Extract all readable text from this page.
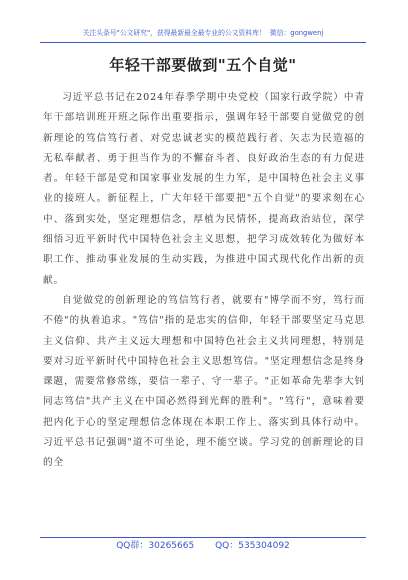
关注头条号"公文研究"，获得最新最全最专业的公文资料库！ 微信：gongwenj
年轻干部要做到"五个自觉"

习近平总书记在2024年春季学期中央党校（国家行政学院）中青年干部培训班开班之际作出重要指示，强调年轻干部要自觉做党的创新理论的笃信笃行者、对党忠诚老实的模范践行者、矢志为民造福的无私奉献者、勇于担当作为的不懈奋斗者、良好政治生态的有力促进者。年轻干部是党和国家事业发展的生力军，是中国特色社会主义事业的接班人。新征程上，广大年轻干部要把"五个自觉"的要求刻在心中、落到实处，坚定理想信念，厚植为民情怀，提高政治站位，深学细悟习近平新时代中国特色社会主义思想，把学习成效转化为做好本职工作、推动事业发展的生动实践，为推进中国式现代化作出新的贡献。

自觉做党的创新理论的笃信笃行者，就要有"博学而不穷，笃行而不倦"的执着追求。"笃信"指的是忠实的信仰，年轻干部要坚定马克思主义信仰、共产主义远大理想和中国特色社会主义共同理想，特别是要对习近平新时代中国特色社会主义思想笃信。"坚定理想信念是终身课题，需要常修常练，要信一辈子、守一辈子。"正如革命先辈李大钊同志笃信"共产主义在中国必然得到光辉的胜利"。"笃行"，意味着要把内化于心的坚定理想信念体现在本职工作上、落实到具体行动中。习近平总书记强调"道不可坐论，理不能空谈。学习党的创新理论的目的全

QQ群：30265665 QQ：535304092
